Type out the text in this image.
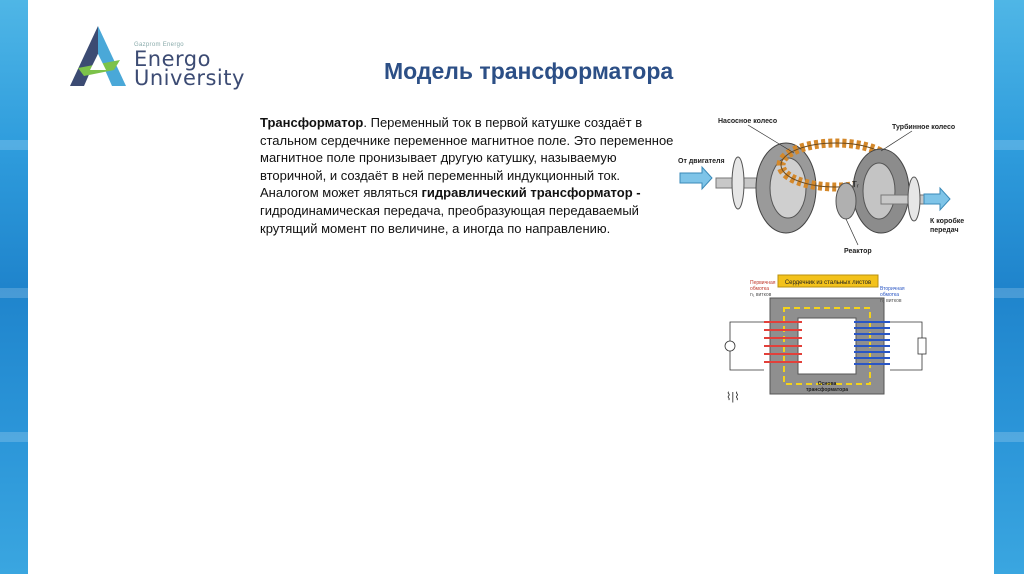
Gazprom Energo
Energo
University	Модель трансформатора

Трансформатор. Переменный ток в первой катушке создаёт в стальном сердечнике переменное магнитное поле. Это переменное магнитное поле пронизывает другую катушку, называемую вторичной, и создаёт в ней переменный индукционный ток.

Аналогом может являться гидравлический трансформатор - гидродинамическая передача, преобразующая передаваемый крутящий момент по величине, а иногда по направлению.

Насосное колесо
Турбинное колесо
От двигателя
К коробке
передач
Реактор
Tᵣ
Сердечник из стальных листов
Первичная
обмотка
n₁ витков
Вторичная
обмотка
n₂ витков
Основа
трансформатора
⌇|⌇
